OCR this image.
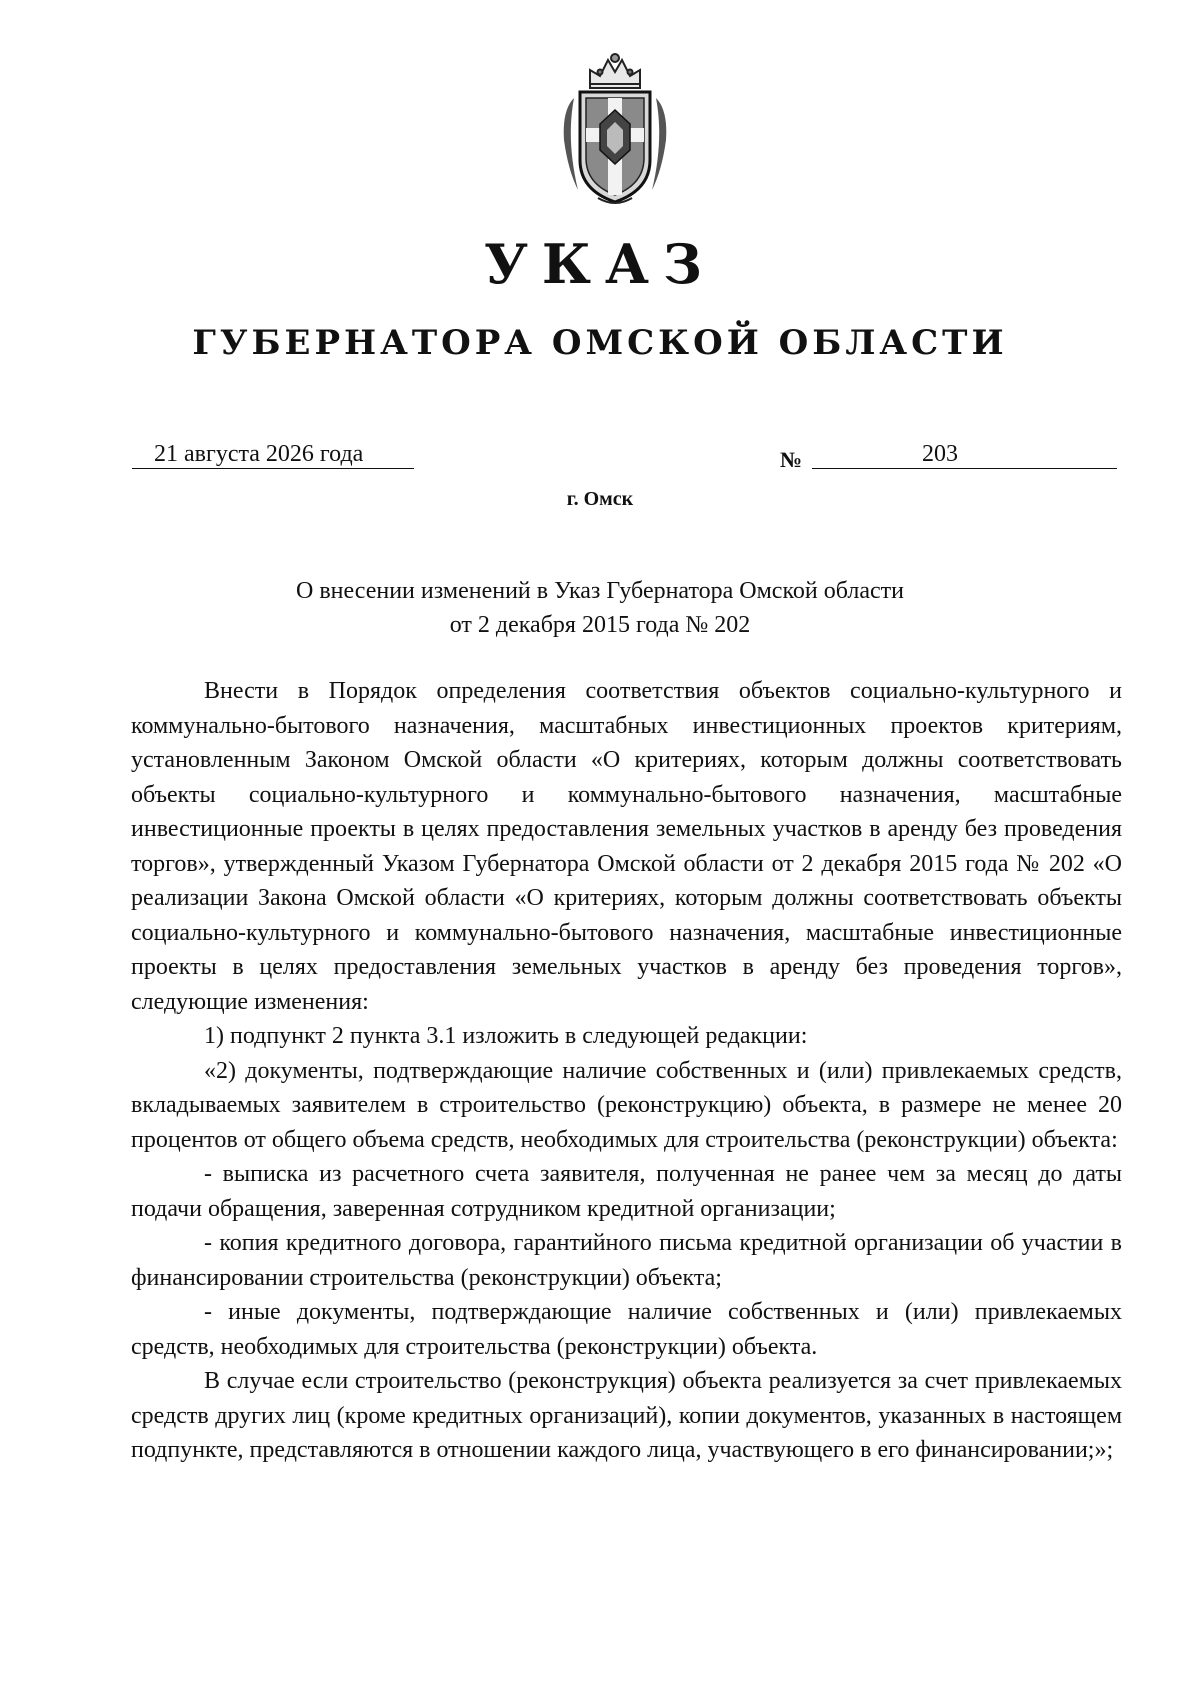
УКАЗ
ГУБЕРНАТОРА ОМСКОЙ ОБЛАСТИ
21 августа 2026 года	№	203
г. Омск
О внесении изменений в Указ Губернатора Омской области
от 2 декабря 2015 года № 202

Внести в Порядок определения соответствия объектов социально-культурного и коммунально-бытового назначения, масштабных инвестиционных проектов критериям, установленным Законом Омской области «О критериях, которым должны соответствовать объекты социально-культурного и коммунально-бытового назначения, масштабные инвестиционные проекты в целях предоставления земельных участков в аренду без проведения торгов», утвержденный Указом Губернатора Омской области от 2 декабря 2015 года № 202 «О реализации Закона Омской области «О критериях, которым должны соответствовать объекты социально-культурного и коммунально-бытового назначения, масштабные инвестиционные проекты в целях предоставления земельных участков в аренду без проведения торгов», следующие изменения:

1) подпункт 2 пункта 3.1 изложить в следующей редакции:

«2) документы, подтверждающие наличие собственных и (или) привлекаемых средств, вкладываемых заявителем в строительство (реконструкцию) объекта, в размере не менее 20 процентов от общего объема средств, необходимых для строительства (реконструкции) объекта:

- выписка из расчетного счета заявителя, полученная не ранее чем за месяц до даты подачи обращения, заверенная сотрудником кредитной организации;

- копия кредитного договора, гарантийного письма кредитной организации об участии в финансировании строительства (реконструкции) объекта;

- иные документы, подтверждающие наличие собственных и (или) привлекаемых средств, необходимых для строительства (реконструкции) объекта.

В случае если строительство (реконструкция) объекта реализуется за счет привлекаемых средств других лиц (кроме кредитных организаций), копии документов, указанных в настоящем подпункте, представляются в отношении каждого лица, участвующего в его финансировании;»;
